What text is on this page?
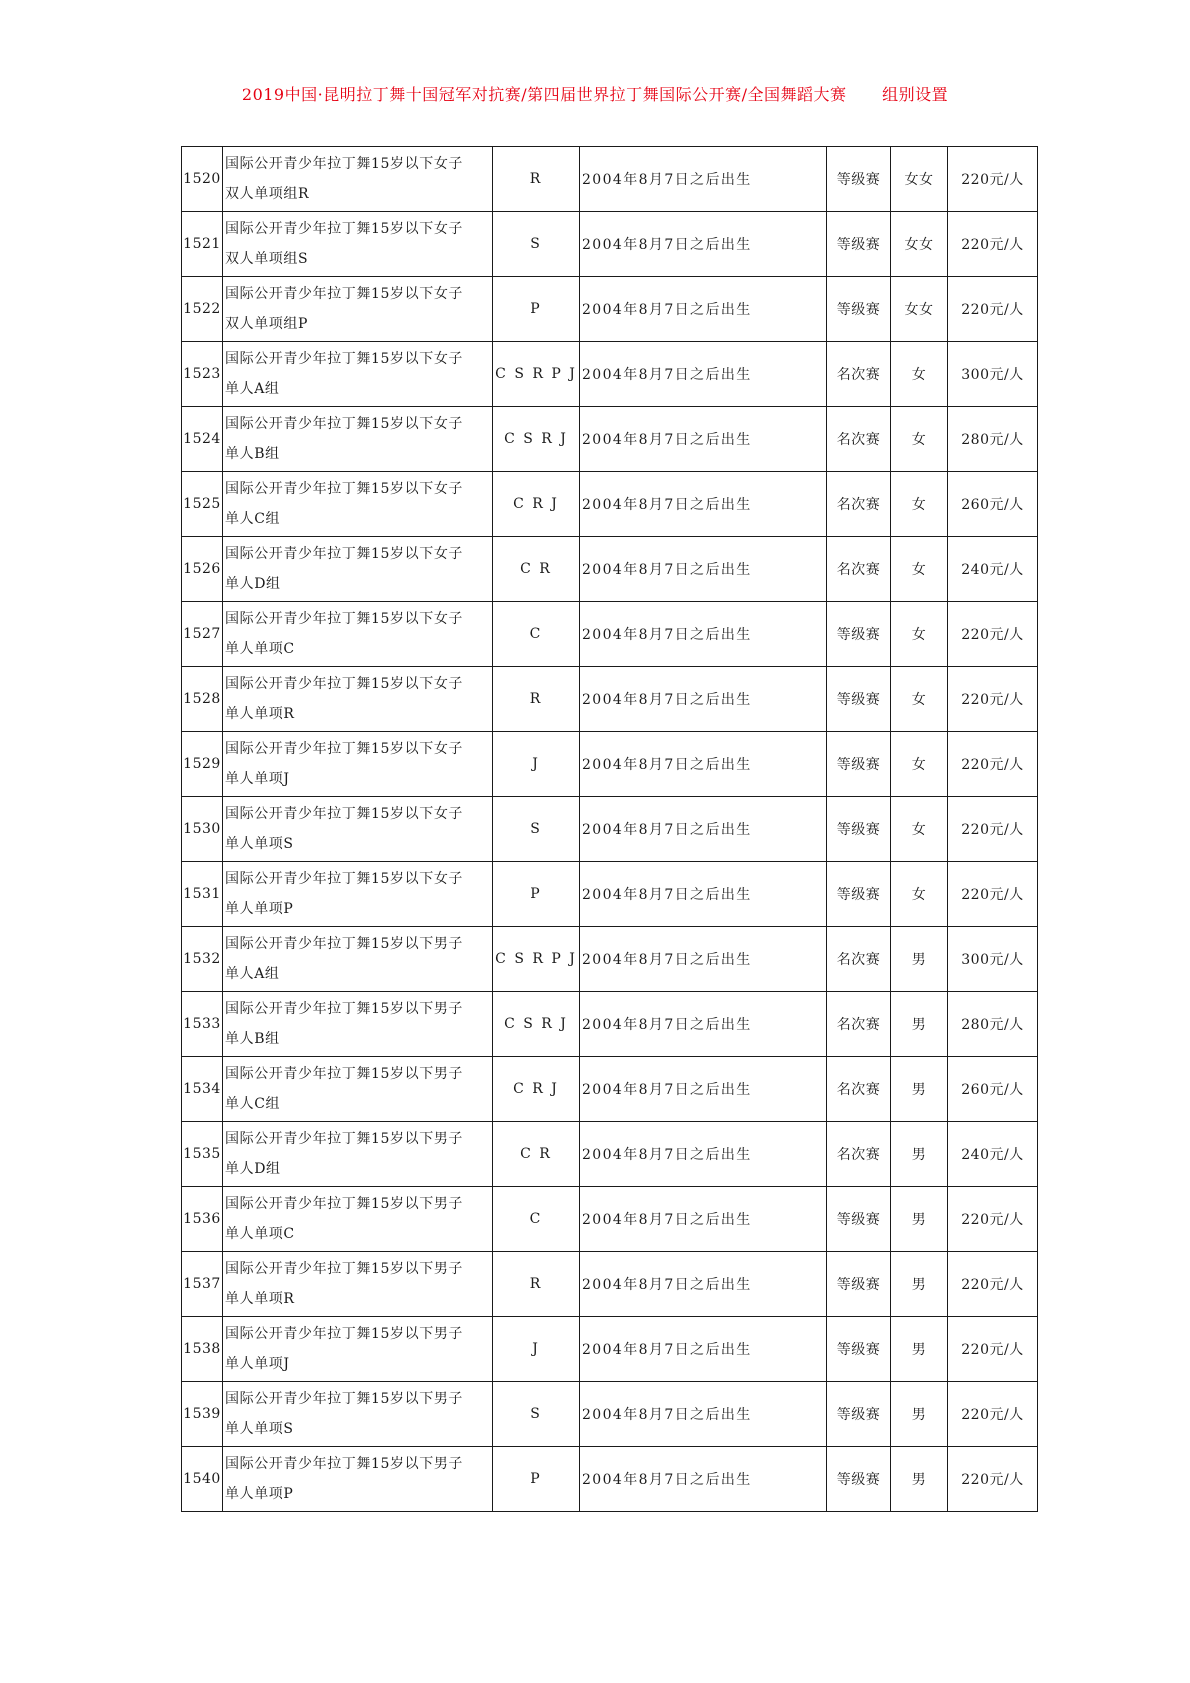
2019中国·昆明拉丁舞十国冠军对抗赛/第四届世界拉丁舞国际公开赛/全国舞蹈大赛 组别设置
1520	国际公开青少年拉丁舞15岁以下女子
双人单项组R	R	2004年8月7日之后出生	等级赛	女女	220元/人
1521	国际公开青少年拉丁舞15岁以下女子
双人单项组S	S	2004年8月7日之后出生	等级赛	女女	220元/人
1522	国际公开青少年拉丁舞15岁以下女子
双人单项组P	P	2004年8月7日之后出生	等级赛	女女	220元/人
1523	国际公开青少年拉丁舞15岁以下女子
单人A组	C S R P J	2004年8月7日之后出生	名次赛	女	300元/人
1524	国际公开青少年拉丁舞15岁以下女子
单人B组	C S R J	2004年8月7日之后出生	名次赛	女	280元/人
1525	国际公开青少年拉丁舞15岁以下女子
单人C组	C R J	2004年8月7日之后出生	名次赛	女	260元/人
1526	国际公开青少年拉丁舞15岁以下女子
单人D组	C R	2004年8月7日之后出生	名次赛	女	240元/人
1527	国际公开青少年拉丁舞15岁以下女子
单人单项C	C	2004年8月7日之后出生	等级赛	女	220元/人
1528	国际公开青少年拉丁舞15岁以下女子
单人单项R	R	2004年8月7日之后出生	等级赛	女	220元/人
1529	国际公开青少年拉丁舞15岁以下女子
单人单项J	J	2004年8月7日之后出生	等级赛	女	220元/人
1530	国际公开青少年拉丁舞15岁以下女子
单人单项S	S	2004年8月7日之后出生	等级赛	女	220元/人
1531	国际公开青少年拉丁舞15岁以下女子
单人单项P	P	2004年8月7日之后出生	等级赛	女	220元/人
1532	国际公开青少年拉丁舞15岁以下男子
单人A组	C S R P J	2004年8月7日之后出生	名次赛	男	300元/人
1533	国际公开青少年拉丁舞15岁以下男子
单人B组	C S R J	2004年8月7日之后出生	名次赛	男	280元/人
1534	国际公开青少年拉丁舞15岁以下男子
单人C组	C R J	2004年8月7日之后出生	名次赛	男	260元/人
1535	国际公开青少年拉丁舞15岁以下男子
单人D组	C R	2004年8月7日之后出生	名次赛	男	240元/人
1536	国际公开青少年拉丁舞15岁以下男子
单人单项C	C	2004年8月7日之后出生	等级赛	男	220元/人
1537	国际公开青少年拉丁舞15岁以下男子
单人单项R	R	2004年8月7日之后出生	等级赛	男	220元/人
1538	国际公开青少年拉丁舞15岁以下男子
单人单项J	J	2004年8月7日之后出生	等级赛	男	220元/人
1539	国际公开青少年拉丁舞15岁以下男子
单人单项S	S	2004年8月7日之后出生	等级赛	男	220元/人
1540	国际公开青少年拉丁舞15岁以下男子
单人单项P	P	2004年8月7日之后出生	等级赛	男	220元/人
